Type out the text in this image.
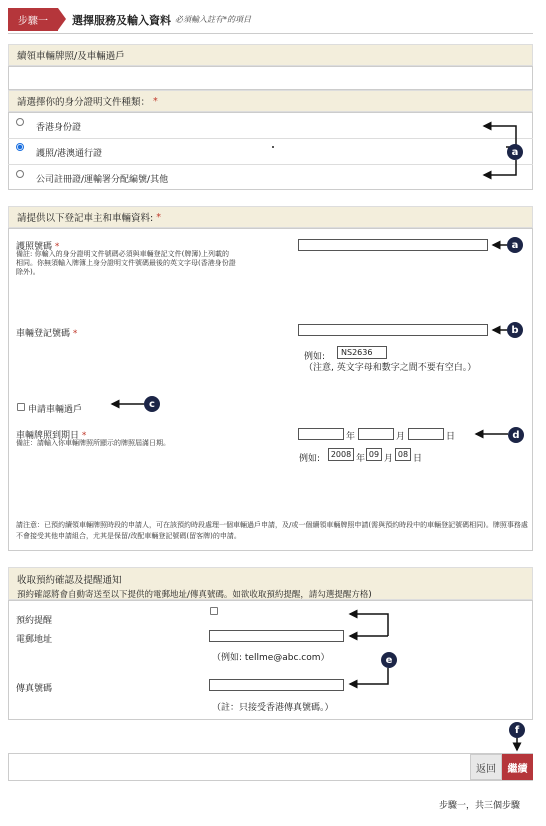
步驟一	選擇服務及輸入資料 必須輸入註有*的項目
續領車輛牌照/及車輛過戶
請選擇你的身分證明文件種類：
*
香港身份證
護照/港澳通行證
公司註冊證/運輸署分配編號/其他
請提供以下登記車主和車輛資料:
*
護照號碼 *
備註: 你輸入的身分證明文件號碼必須與車輛登記文件(牌簿)上列載的相同。你無須輸入牌簿上身分證明文件號碼最後的英文字母(香港身份證除外)。
車輛登記號碼 *
例如:	NS2636
（注意, 英文字母和數字之間不要有空白。）
申請車輛過戶
車輛牌照到期日 *
備註：請輸入你車輛牌照所顯示的牌照屆滿日期。
年	月	日
例如:	2008 年 09 月 08 日
請注意：已預約續領車輛牌照時段的申請人，可在該預約時段處理一個車輛過戶申請，及/或一個續領車輛牌照申請(需與預約時段中的車輛登記號碼相同)。牌照事務處不會接受其他申請組合，尤其是保留/改配車輛登記號碼(留客牌)的申請。
收取預約確認及提醒通知
預約確認將會自動寄送至以下提供的電郵地址/傳真號碼。如欲收取預約提醒，請勾選提醒方格)
預約提醒
電郵地址
（例如: tellme@abc.com）
傳真號碼
（註：只接受香港傳真號碼。）
返回	繼續
步驟一，共三個步驟
a
a
b
c
d
e
f
